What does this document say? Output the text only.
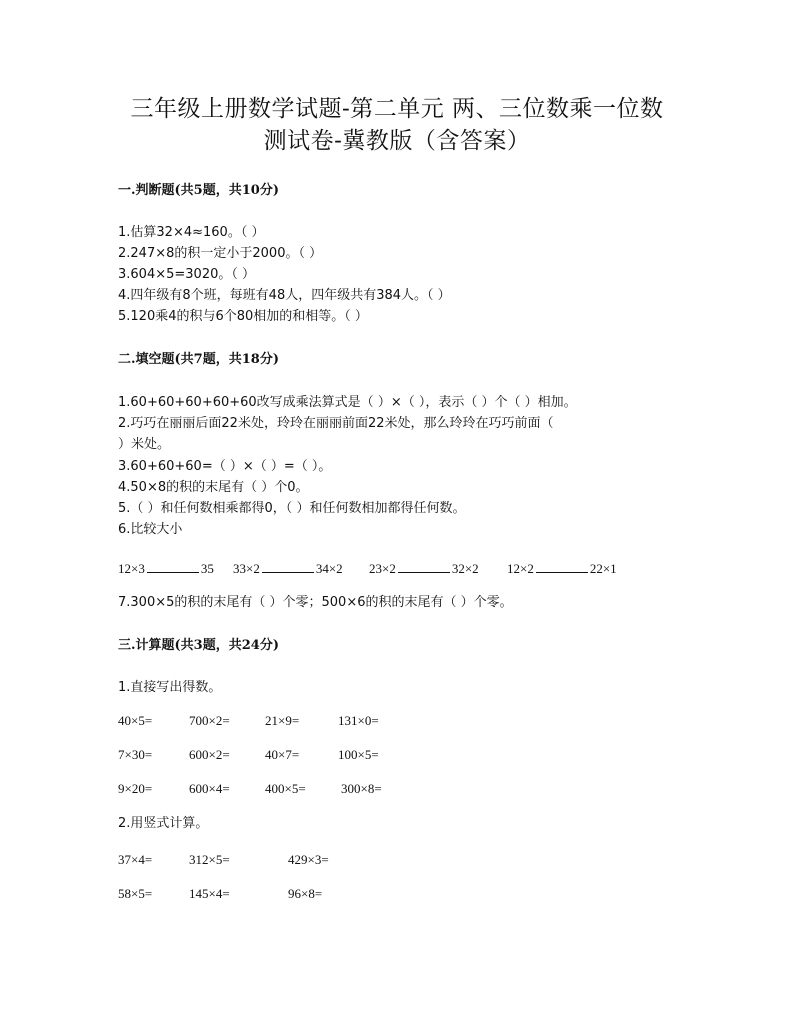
三年级上册数学试题-第二单元 两、三位数乘一位数
测试卷-冀教版（含答案）
一.判断题(共5题，共10分)
1.估算32×4≈160。（ ）
2.247×8的积一定小于2000。（ ）
3.604×5=3020。（ ）
4.四年级有8个班，每班有48人，四年级共有384人。（ ）
5.120乘4的积与6个80相加的和相等。（ ）
二.填空题(共7题，共18分)
1.60+60+60+60+60改写成乘法算式是（ ）×（ ），表示（ ）个（ ）相加。
2.巧巧在丽丽后面22米处，玲玲在丽丽前面22米处，那么玲玲在巧巧前面（
）米处。
3.60+60+60=（ ）×（ ）=（ ）。
4.50×8的积的末尾有（ ）个0。
5.（ ）和任何数相乘都得0，（ ）和任何数相加都得任何数。
6.比较大小
12×3	35 33×2	34×2 23×2	32×2 12×2	22×1
7.300×5的积的末尾有（ ）个零；500×6的积的末尾有（ ）个零。
三.计算题(共3题，共24分)
1.直接写出得数。
40×5=	700×2=	21×9=	131×0=
7×30=	600×2=	40×7=	100×5=
9×20=	600×4=	400×5=	300×8=
2.用竖式计算。
37×4=	312×5=	429×3=
58×5=	145×4=	96×8=
